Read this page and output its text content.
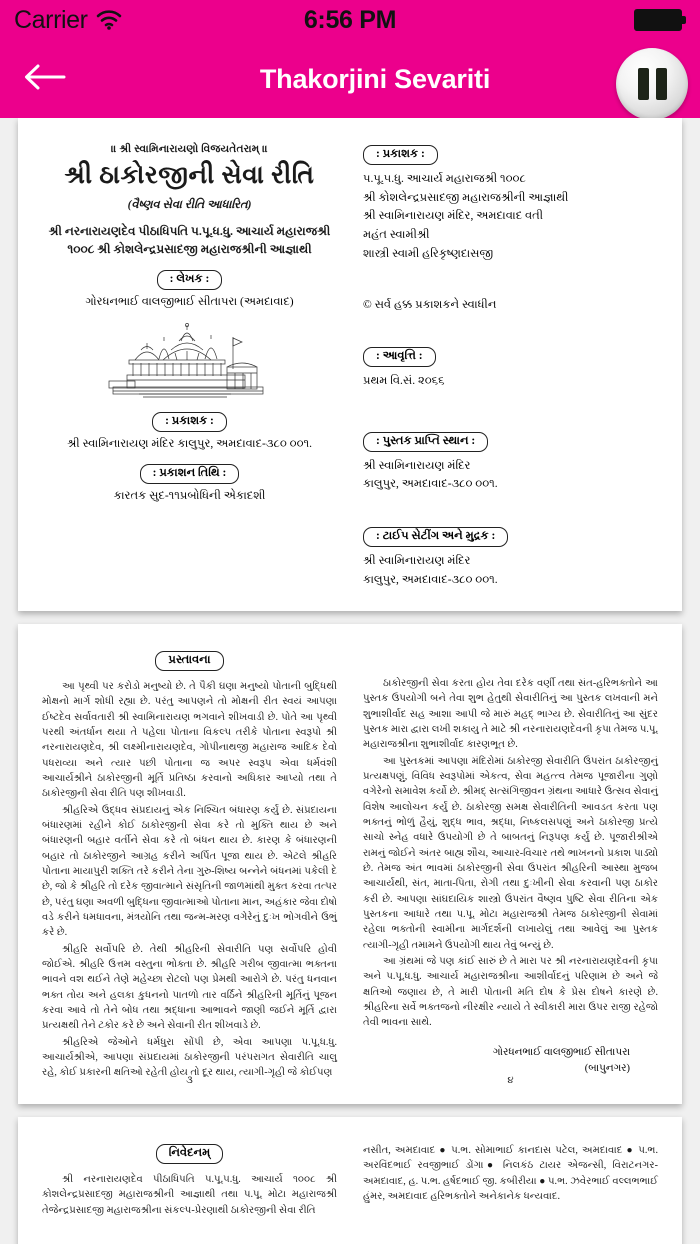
Carrier	6:56 PM
Thakorjini Sevariti
॥ શ્રી સ્વામિનારાયણો વિજયતેતરામ્ ॥
શ્રી ઠાકોરજીની સેવા રીતિ
(વૈષ્ણવ સેવા રીતિ આધારિત)
શ્રી નરનારાયણદેવ પીઠાધિપતિ પ.પૂ.ધ.ધુ. આચાર્ય મહારાજશ્રી ૧૦૦૮ શ્રી કોશલેન્દ્રપ્રસાદજી મહારાજશ્રીની આજ્ઞાથી
: લેખક :
ગોરધનભાઈ વાલજીભાઈ સીતાપરા (અમદાવાદ)
: પ્રકાશક :
શ્રી સ્વામિનારાયણ મંદિર કાલુપુર, અમદાવાદ-૩૮૦ ૦૦૧.
: પ્રકાશન તિથિ :
કારતક સુદ-૧૧પ્રબોધિની એકાદશી
: પ્રકાશક :
પ.પૂ.૫.ધુ. આચાર્ય મહારાજશ્રી ૧૦૦૮
શ્રી કોશલેન્દ્રપ્રસાદજી મહારાજશ્રીની આજ્ઞાથી
શ્રી સ્વામિનારાયણ મંદિર, અમદાવાદ વતી
મહંત સ્વામીશ્રી
શાસ્ત્રી સ્વામી હરિકૃષ્ણદાસજી
© સર્વ હક્ક પ્રકાશકને સ્વાધીન
: આવૃત્તિ :
પ્રથમ વિ.સં. ૨૦૬૬
: પુસ્તક પ્રાપ્તિ સ્થાન :
શ્રી સ્વામિનારાયણ મંદિર
કાલુપુર, અમદાવાદ-૩૮૦ ૦૦૧.
: ટાઈપ સેટીંગ અને મુદ્રક :
શ્રી સ્વામિનારાયણ મંદિર
કાલુપુર, અમદાવાદ-૩૮૦ ૦૦૧.
પ્રસ્તાવના

આ પૃથ્વી પર કરોડો મનુષ્યો છે. તે પૈકી ઘણા મનુષ્યો પોતાની બુદ્ધિથી મોક્ષનો માર્ગ શોધી રહ્યા છે. પરંતુ આપણને તો મોક્ષની રીત સ્વયં આપણા ઈષ્ટદેવ સર્વાવતારી શ્રી સ્વામિનારાયણ ભગવાને શીખવાડી છે. પોતે આ પૃથ્વી પરથી અંતર્ધાન થયા તે પહેલા પોતાના વિકલ્પ તરીકે પોતાના સ્વરૂપો શ્રી નરનારાયણદેવ, શ્રી લક્ષ્મીનારાયણદેવ, ગોપીનાથજી મહારાજ આદિક દેવો પધરાવ્યા અને ત્યાર પછી પોતાના જ અપર સ્વરૂપ એવા ધર્મવંશી આચાર્યશ્રીને ઠાકોરજીની મૂર્તિ પ્રતિષ્ઠા કરવાનો અધિકાર આપ્યો તથા તે ઠાકોરજીની સેવા રીતિ પણ શીખવાડી.

શ્રીહરિએ ઉદ્ધવ સંપ્રદાયનું એક નિશ્ચિત બંધારણ કર્યું છે. સંપ્રદાયના બંધારણમાં રહીને કોઈ ઠાકોરજીની સેવા કરે તો મુક્તિ થાય છે અને બંધારણની બહાર વર્તીને સેવા કરે તો બંધન થાય છે. કારણ કે બંધારણની બહાર તો ઠાકોરજીને આગ્રહ કરીને અર્પિત પૂજા થાય છે. એટલે શ્રીહરિ પોતાના માયાપુરી શક્તિ તરે કરીને તેના ગુરુ-શિષ્ય બન્નેને બંધનમાં પકેલી દે છે, જો કે શ્રીહરિ તો દરેક જીવાત્માને સંસૃતિની જાળમાંથી મુક્ત કરવા તત્પર છે, પરંતુ ઘણા અવળી બુદ્ધિના જીવાત્માઓ પોતાના માન, અહંકાર જેવા દોષો વડે કરીને ધમધાવના, મંત્રયોનિ તથા જન્મ-મરણ વગેરેનું દુઃખ ભોગવીને ઉભું કરે છે.

શ્રીહરિ સર્વોપરિ છે. તેથી શ્રીહરિની સેવારીતિ પણ સર્વોપરિ હોવી જોઈએ. શ્રીહરિ ઉત્તમ વસ્તુના ભોક્તા છે. શ્રીહરિ ગરીબ જીવાત્મા ભક્તના ભાવને વશ થઈને તેણે મહેચ્છા રોટલો પણ પ્રેમથી આરોગે છે. પરંતુ ધનવાન ભક્ત તોય અને હલકા કુધનનો પાતળો તાર વર્ઠિને શ્રીહરિની મૂર્તિનું પૂજન કરવા આવે તો તેને બોધ તથા શ્રદ્ધાના આભાવને જાણી જઈને મૂર્તિ દ્વારા પ્રત્યક્ષથી તેને ટકોર કરે છે અને સેવાની રીત શીખવાડે છે.

શ્રીહરિએ જેઓને ધર્મધુરા સોંપી છે, એવા આપણા પ.પૂ.ધ.ધુ. આચાર્યશ્રીએ, આપણા સંપ્રદાયમાં ઠાકોરજીની પરંપરાગત સેવારીતિ ચાલુ રહે, કોઈ પ્રકારની ક્ષતિઓ રહેતી હોય તો દૂર થાય, ત્યાગી-ગૃહી જે કોઈપણ

૩

ઠાકોરજીની સેવા કરતા હોય તેવા દરેક વર્ણી તથા સંત-હરિભક્તોને આ પુસ્તક ઉપયોગી બને તેવા શુભ હેતુથી સેવારીતિનું આ પુસ્તક લખવાની મને શુભાશીર્વાદ સહ આશા આપી જે મારું મહદ્ ભાગ્ય છે. સેવારીતિનું આ સુંદર પુસ્તક મારા દ્વારા લખી શકાયુ તે માટે શ્રી નરનારાયણદેવની કૃપા તેમજ પ.પૂ. મહારાજશ્રીના શુભાશીર્વાદ કારણભૂત છે.

આ પુસ્તકમાં આપણા મંદિરોમાં ઠાકોરજી સેવારીતિ ઉપરાંત ઠાકોરજીનું પ્રત્યક્ષપણું, વિવિધ સ્વરૂપોમાં એકત્વ, સેવા મહત્ત્વ તેમજ પૂજારીના ગુણો વગેરેનો સમાવેશ કર્યો છે. શ્રીમદ્ સત્સંગિજીવન ગ્રંથના આધારે ઉત્સવ સેવાનું વિશેષ આલોચન કર્યું છે. ઠાકોરજી સમક્ષ સેવારીતિની આવડત કરતા પણ ભક્તનું ભોળું હૈયું, શુદ્ધ ભાવ, શ્રદ્ધા, નિષ્કલસપણું અને ઠાકોરજી પ્રત્યે સાચો સ્નેહ વધારે ઉપયોગી છે તે બાબતનું નિરૂપણ કર્યું છે. પૂજારીશ્રીએ રામનું જોઈને અંતર બાહ્ય શૌચ, આચાર-વિચાર તથે ભાખનનો પ્રકાશ પાડ્યો છે. તેમજ અંત ભાવમાં ઠાકોરજીની સેવા ઉપરાંત શ્રીહરિની આસ્થા મુજબ આચાર્યથી, સંત, માતા-પિતા, રોગી તથા દુઃખીની સેવા કરવાની પણ ઠાકોર કરી છે. આપણા સાંઘદાયિક શાસ્ત્રો ઉપરાંત વૈષ્ણવ પુષ્ટિ સેવા રીતિના એક પુસ્તકના આધારે તથા પ.પૂ. મોટા મહારાજશ્રી તેમજ ઠાકોરજીની સેવામાં રહેલા ભક્તોની સ્વામીના માર્ગદર્શની લખાયેલું તથા આવેલું આ પુસ્તક ત્યાગી-ગૃહી તમામને ઉપયોગી થાય તેવું બન્યું છે.

આ ગ્રંથમાં જે પણ કાંઈ સારું છે તે મારા પર શ્રી નરનારાયણદેવની કૃપા અને પ.પૂ.ધ.ધુ. આચાર્ય મહારાજશ્રીના આશીર્વાદનું પરિણામ છે અને જે ક્ષતિઓ જણાય છે, તે મારી પોતાની મતિ દોષ કે પ્રેસ દોષને કારણે છે. શ્રીહરિના સર્વે ભક્તજનો નીરક્ષીર ન્યાયે તે સ્વીકારી મારા ઉપર રાજી રહેજો તેવી ભાવના સાથે.

ગોરધનભાઈ વાલજીભાઈ સીતાપરા
(બાપુનગર)
૪
નિવેદનમ્

શ્રી નરનારાયણદેવ પીઠાધિપતિ પ.પૂ.૫.ધુ. આચાર્ય ૧૦૦૮ શ્રી કોશલેન્દ્રપ્રસાદજી મહારાજશ્રીની આજ્ઞાથી તથા પ.પૂ. મોટા મહારાજશ્રી તેજેન્દ્રપ્રસાદજી મહારાજશ્રીના સંકલ્પ-પ્રેરણાથી ઠાકોરજીની સેવા રીતિ

નસીત, અમદાવાદ ● પ.ભ. સોમાભાઈ કાનદાસ પટેલ, અમદાવાદ ● પ.ભ. અરવિંદભાઈ રવજીભાઈ ડોંગા● નિલકંઠ ટાયર એજન્સી, વિરાટનગર-અમદાવાદ, હ. પ.ભ. હર્ષદભાઈ જી. કબીરીયા ● પ.ભ. ઝવેરભાઈ વલ્લભભાઈ હુંમર, અમદાવાદ હરિભક્તોને અનેકાનેક ધન્યવાદ.
